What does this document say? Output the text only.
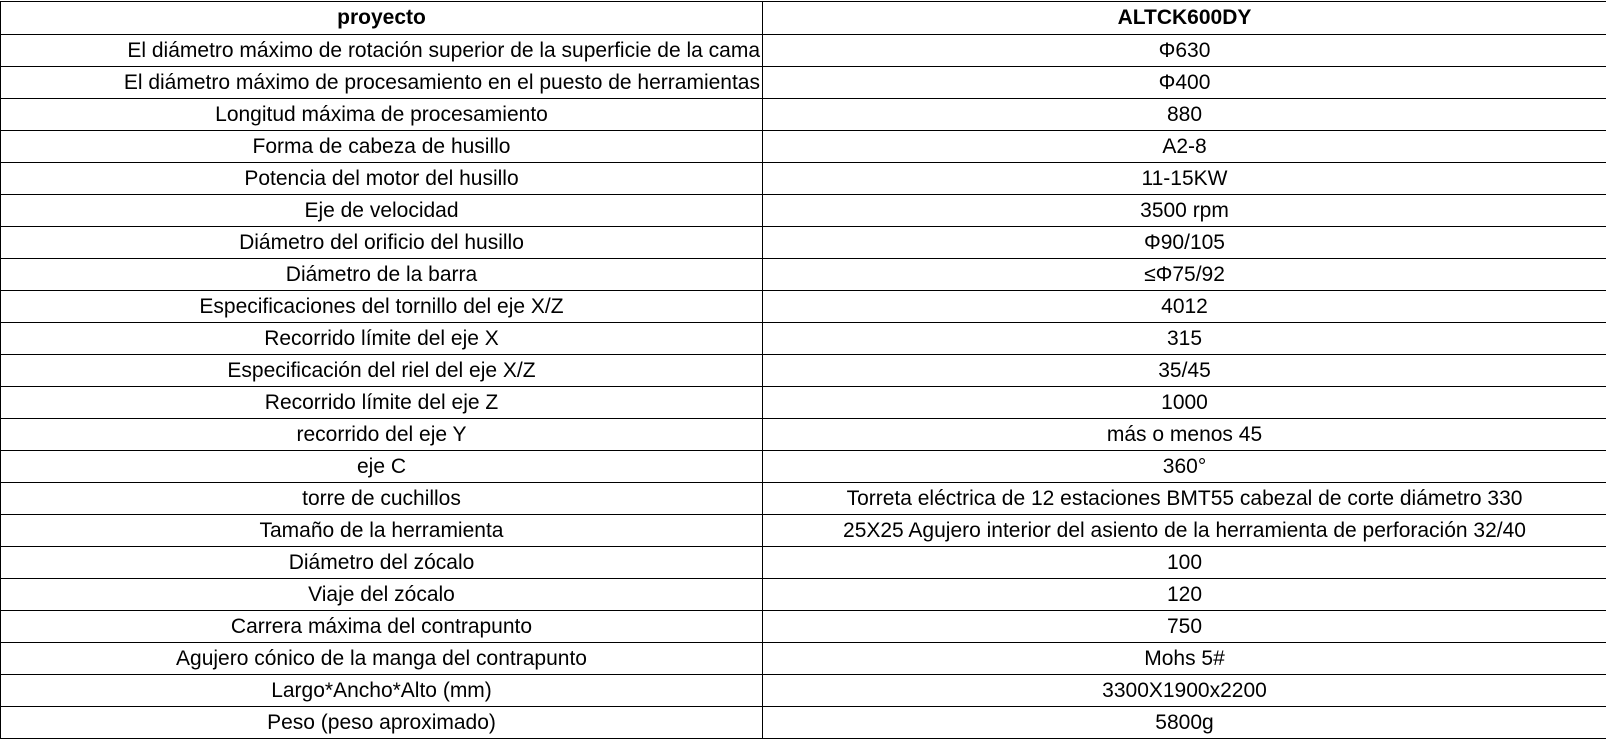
proyecto	ALTCK600DY

El diámetro máximo de rotación superior de la superficie de la cama	Φ630

El diámetro máximo de procesamiento en el puesto de herramientas	Φ400
Longitud máxima de procesamiento	880
Forma de cabeza de husillo	A2-8
Potencia del motor del husillo	11-15KW
Eje de velocidad	3500 rpm
Diámetro del orificio del husillo	Φ90/105
Diámetro de la barra	≤Φ75/92
Especificaciones del tornillo del eje X/Z	4012
Recorrido límite del eje X	315
Especificación del riel del eje X/Z	35/45
Recorrido límite del eje Z	1000
recorrido del eje Y	más o menos 45
eje C	360°
torre de cuchillos	Torreta eléctrica de 12 estaciones BMT55 cabezal de corte diámetro 330
Tamaño de la herramienta	25X25 Agujero interior del asiento de la herramienta de perforación 32/40
Diámetro del zócalo	100
Viaje del zócalo	120
Carrera máxima del contrapunto	750
Agujero cónico de la manga del contrapunto	Mohs 5#
Largo*Ancho*Alto (mm)	3300X1900x2200
Peso (peso aproximado)	5800g
